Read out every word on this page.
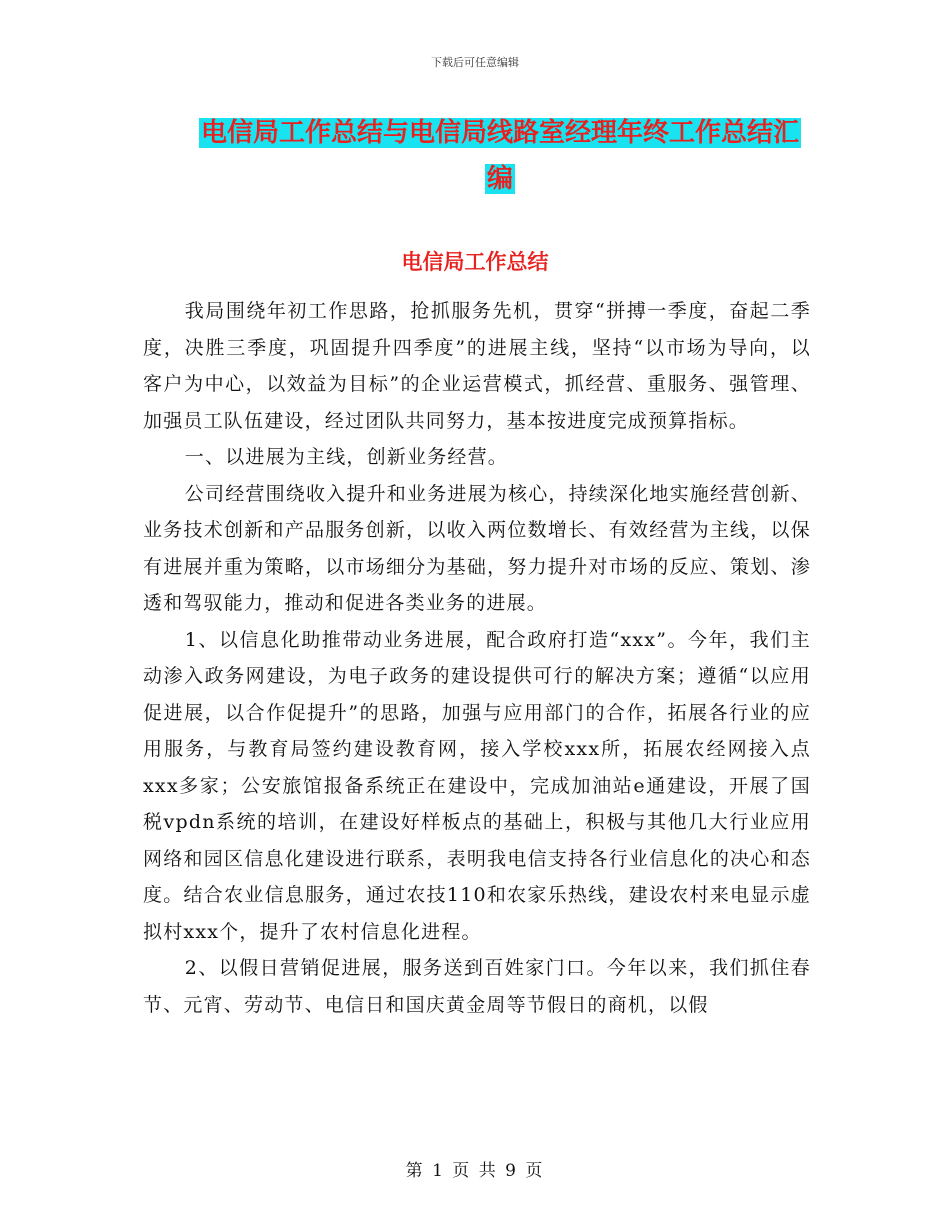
下载后可任意编辑
电信局工作总结与电信局线路室经理年终工作总结汇
编
电信局工作总结

我局围绕年初工作思路，抢抓服务先机，贯穿“拼搏一季度，奋起二季度，决胜三季度，巩固提升四季度”的进展主线，坚持“以市场为导向，以客户为中心，以效益为目标”的企业运营模式，抓经营、重服务、强管理、加强员工队伍建设，经过团队共同努力，基本按进度完成预算指标。

一、以进展为主线，创新业务经营。

公司经营围绕收入提升和业务进展为核心，持续深化地实施经营创新、业务技术创新和产品服务创新，以收入两位数增长、有效经营为主线，以保有进展并重为策略，以市场细分为基础，努力提升对市场的反应、策划、渗透和驾驭能力，推动和促进各类业务的进展。

1、以信息化助推带动业务进展，配合政府打造“xxx”。今年，我们主动渗入政务网建设，为电子政务的建设提供可行的解决方案；遵循“以应用促进展，以合作促提升”的思路，加强与应用部门的合作，拓展各行业的应用服务，与教育局签约建设教育网，接入学校xxx所，拓展农经网接入点xxx多家；公安旅馆报备系统正在建设中，完成加油站e通建设，开展了国税vpdn系统的培训，在建设好样板点的基础上，积极与其他几大行业应用网络和园区信息化建设进行联系，表明我电信支持各行业信息化的决心和态度。结合农业信息服务，通过农技110和农家乐热线，建设农村来电显示虚拟村xxx个，提升了农村信息化进程。

2、以假日营销促进展，服务送到百姓家门口。今年以来，我们抓住春节、元宵、劳动节、电信日和国庆黄金周等节假日的商机，以假

第 1 页 共 9 页
